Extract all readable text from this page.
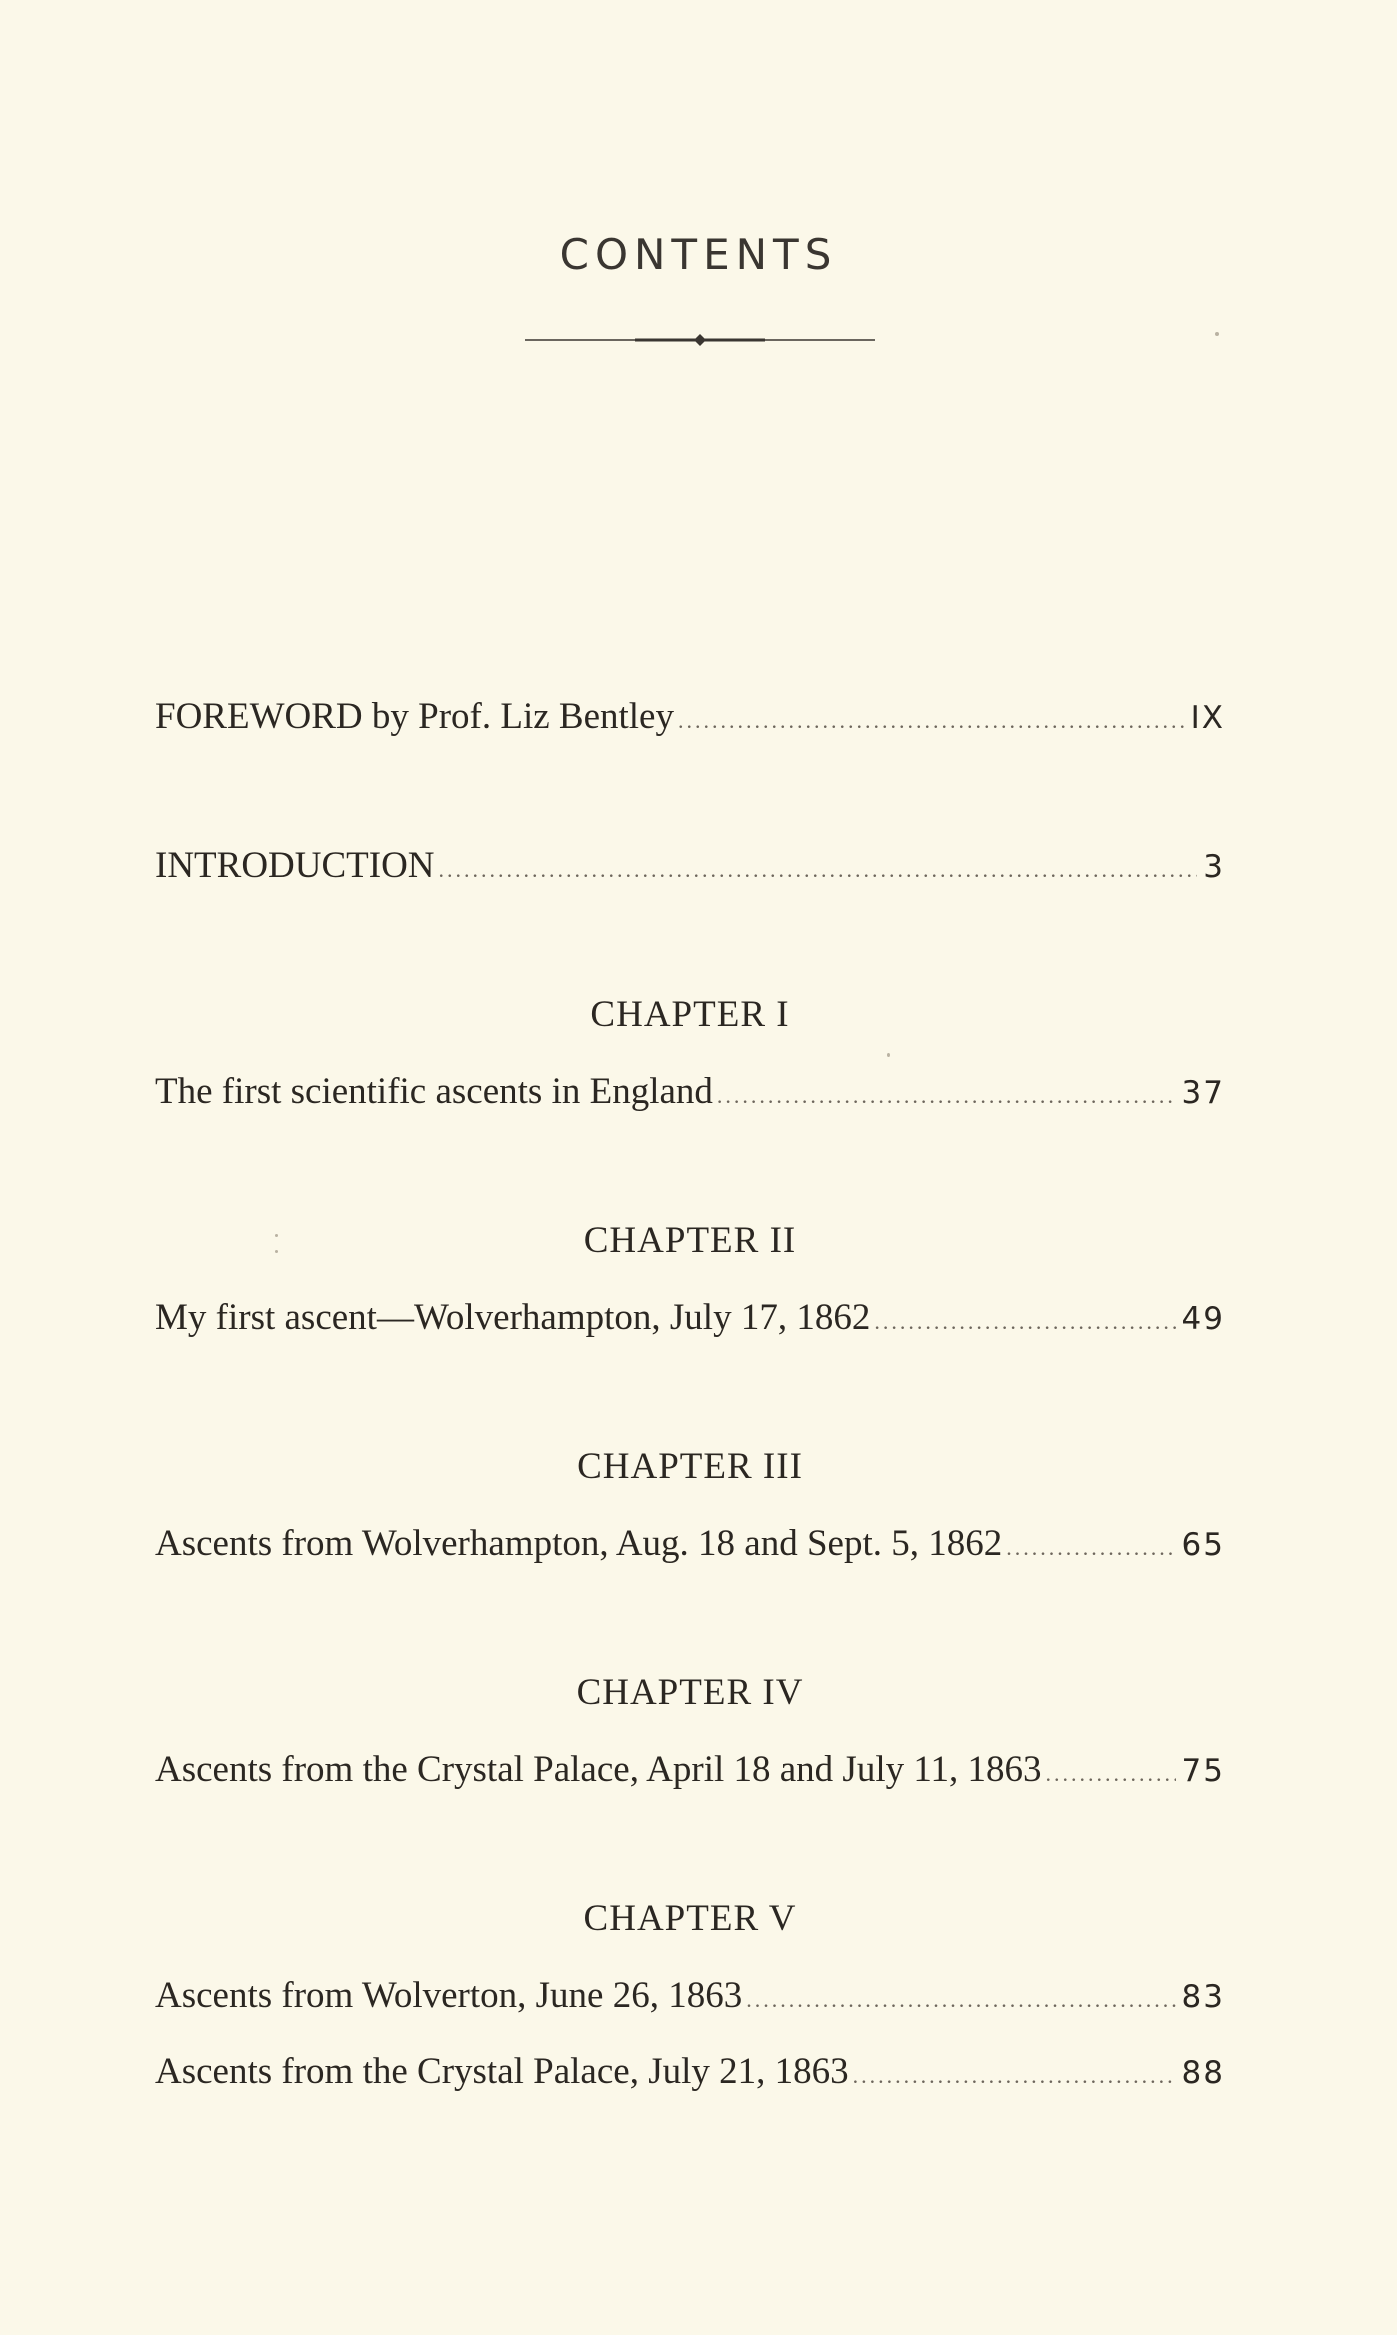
CONTENTS
FOREWORD by Prof. Liz Bentley .....	IX
INTRODUCTION .....	3
CHAPTER I
The first scientific ascents in England .....	37
CHAPTER II
My first ascent—Wolverhampton, July 17, 1862 .....	49
CHAPTER III
Ascents from Wolverhampton, Aug. 18 and Sept. 5, 1862 .....	65
CHAPTER IV
Ascents from the Crystal Palace, April 18 and July 11, 1863 .....	75
CHAPTER V
Ascents from Wolverton, June 26, 1863 .....	83
Ascents from the Crystal Palace, July 21, 1863 .....	88
